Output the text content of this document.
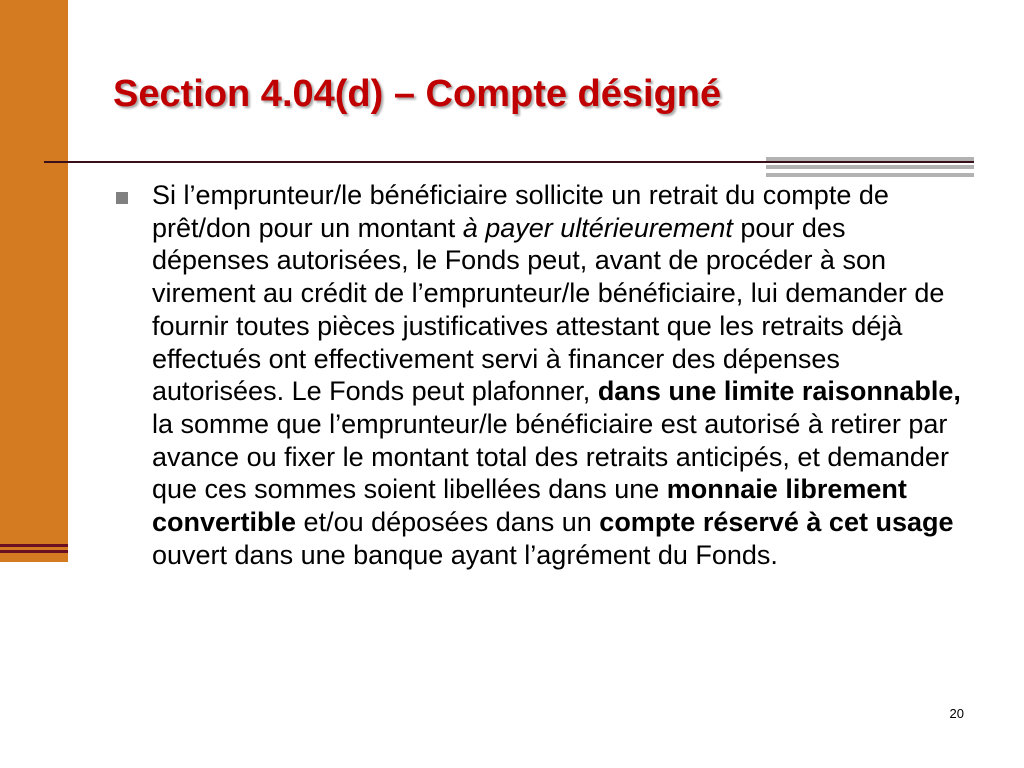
Section 4.04(d) – Compte désigné

Si l’emprunteur/le bénéficiaire sollicite un retrait du compte de prêt/don pour un montant à payer ultérieurement pour des dépenses autorisées, le Fonds peut, avant de procéder à son virement au crédit de l’emprunteur/le bénéficiaire, lui demander de fournir toutes pièces justificatives attestant que les retraits déjà effectués ont effectivement servi à financer des dépenses autorisées. Le Fonds peut plafonner, dans une limite raisonnable, la somme que l’emprunteur/le bénéficiaire est autorisé à retirer par avance ou fixer le montant total des retraits anticipés, et demander que ces sommes soient libellées dans une monnaie librement convertible et/ou déposées dans un compte réservé à cet usage ouvert dans une banque ayant l’agrément du Fonds.

20
